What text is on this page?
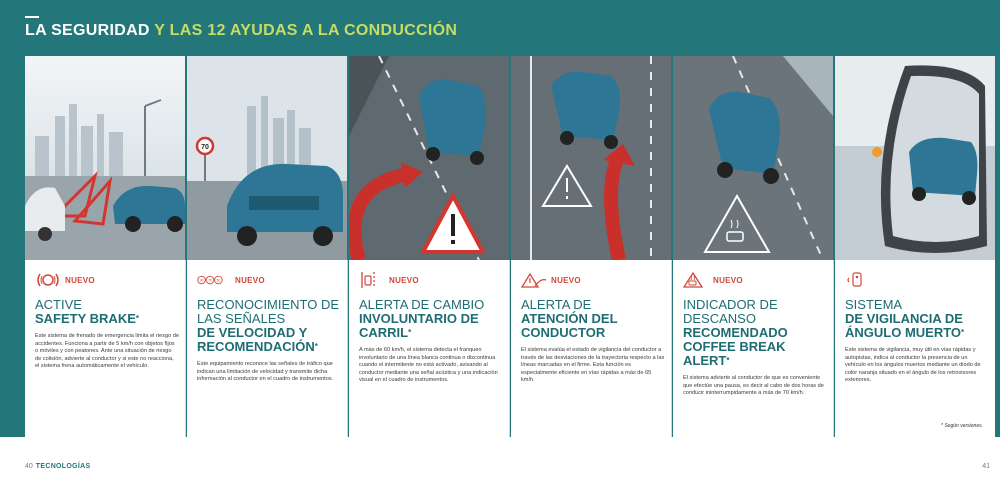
LA SEGURIDAD Y LAS 12 AYUDAS A LA CONDUCCIÓN
NUEVO
ACTIVE
SAFETY BRAKE*
Este sistema de frenado de emergencia limita el riesgo de accidentes. Funciona a partir de 5 km/h con objetos fijos o móviles y con peatones. Ante una situación de riesgo de colisión, advierte al conductor y si este no reacciona, el sistema frena automáticamente el vehículo.
70
90 70 50 NUEVO
RECONOCIMIENTO DE LAS SEÑALES
DE VELOCIDAD Y RECOMENDACIÓN*
Este equipamiento reconoce las señales de tráfico que indican una limitación de velocidad y transmite dicha información al conductor en el cuadro de instrumentos.
NUEVO
ALERTA DE CAMBIO
INVOLUNTARIO DE CARRIL*
A más de 60 km/h, el sistema detecta el franqueo involuntario de una línea blanca continua o discontinua cuando el intermitente no está activado, avisando al conductor mediante una señal acústica y una indicación visual en el cuadro de instrumentos.
NUEVO
ALERTA DE
ATENCIÓN DEL CONDUCTOR
El sistema evalúa el estado de vigilancia del conductor a través de las desviaciones de la trayectoria respecto a las líneas marcadas en el firme. Esta función es especialmente eficiente en vías rápidas a más de 65 km/h.
NUEVO
INDICADOR DE DESCANSO
RECOMENDADO COFFEE BREAK ALERT*
El sistema advierte al conductor de que es conveniente que efectúe una pausa, es decir al cabo de dos horas de conducir ininterrumpidamente a más de 70 km/h.
SISTEMA
DE VIGILANCIA DE ÁNGULO MUERTO*
Este sistema de vigilancia, muy útil en vías rápidas y autopistas, indica al conductor la presencia de un vehículo en los ángulos muertos mediante un diodo de color naranja situado en el ángulo de los retrovisores exteriores.
* Según versiones.
40 TECNOLOGÍAS	41
